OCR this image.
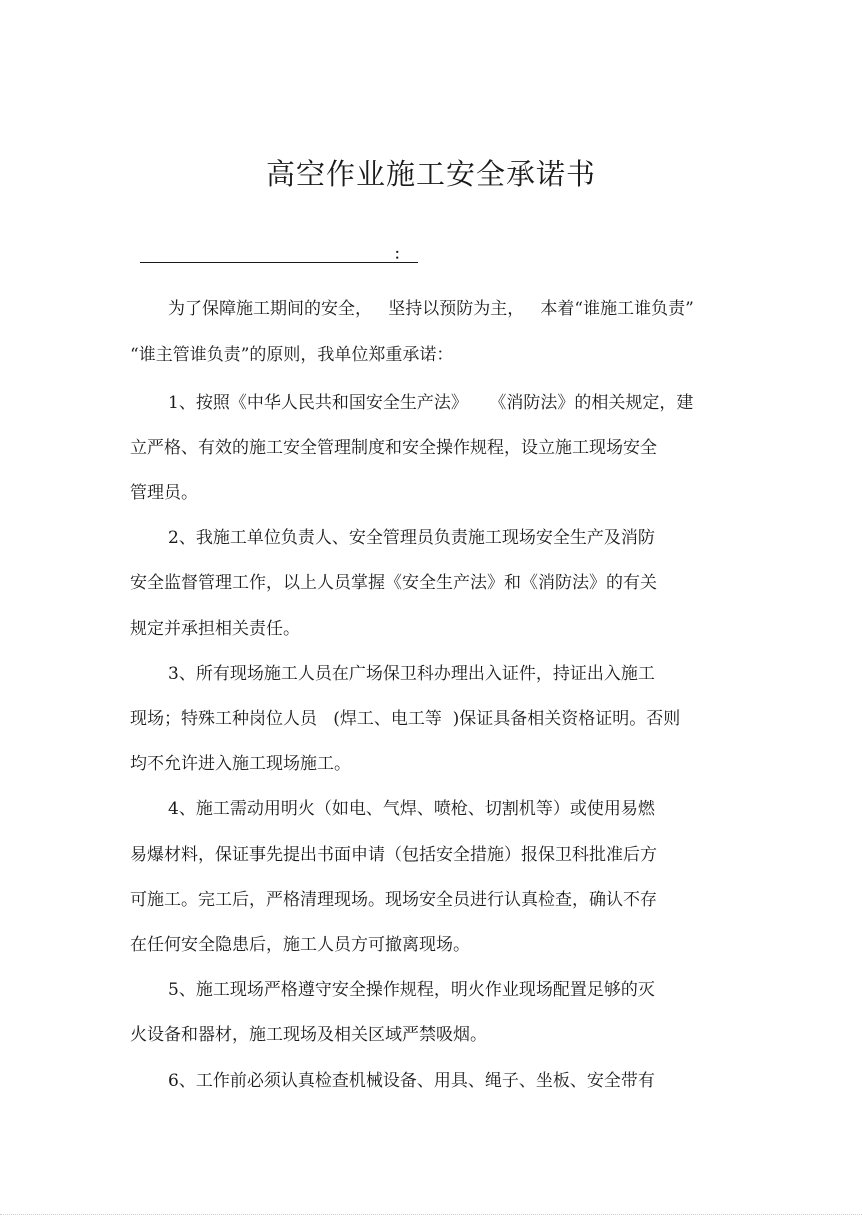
高空作业施工安全承诺书
：
为了保障施工期间的安全，   坚持以预防为主，   本着“谁施工谁负责”
“谁主管谁负责”的原则，我单位郑重承诺：
1、按照《中华人民共和国安全生产法》    《消防法》的相关规定，建
立严格、有效的施工安全管理制度和安全操作规程，设立施工现场安全
管理员。
2、我施工单位负责人、安全管理员负责施工现场安全生产及消防
安全监督管理工作，以上人员掌握《安全生产法》和《消防法》的有关
规定并承担相关责任。
3、所有现场施工人员在广场保卫科办理出入证件，持证出入施工
现场；特殊工种岗位人员   (焊工、电工等  )保证具备相关资格证明。否则
均不允许进入施工现场施工。
4、施工需动用明火（如电、气焊、喷枪、切割机等）或使用易燃
易爆材料，保证事先提出书面申请（包括安全措施）报保卫科批准后方
可施工。完工后，严格清理现场。现场安全员进行认真检查，确认不存
在任何安全隐患后，施工人员方可撤离现场。
5、施工现场严格遵守安全操作规程，明火作业现场配置足够的灭
火设备和器材，施工现场及相关区域严禁吸烟。
6、工作前必须认真检查机械设备、用具、绳子、坐板、安全带有
